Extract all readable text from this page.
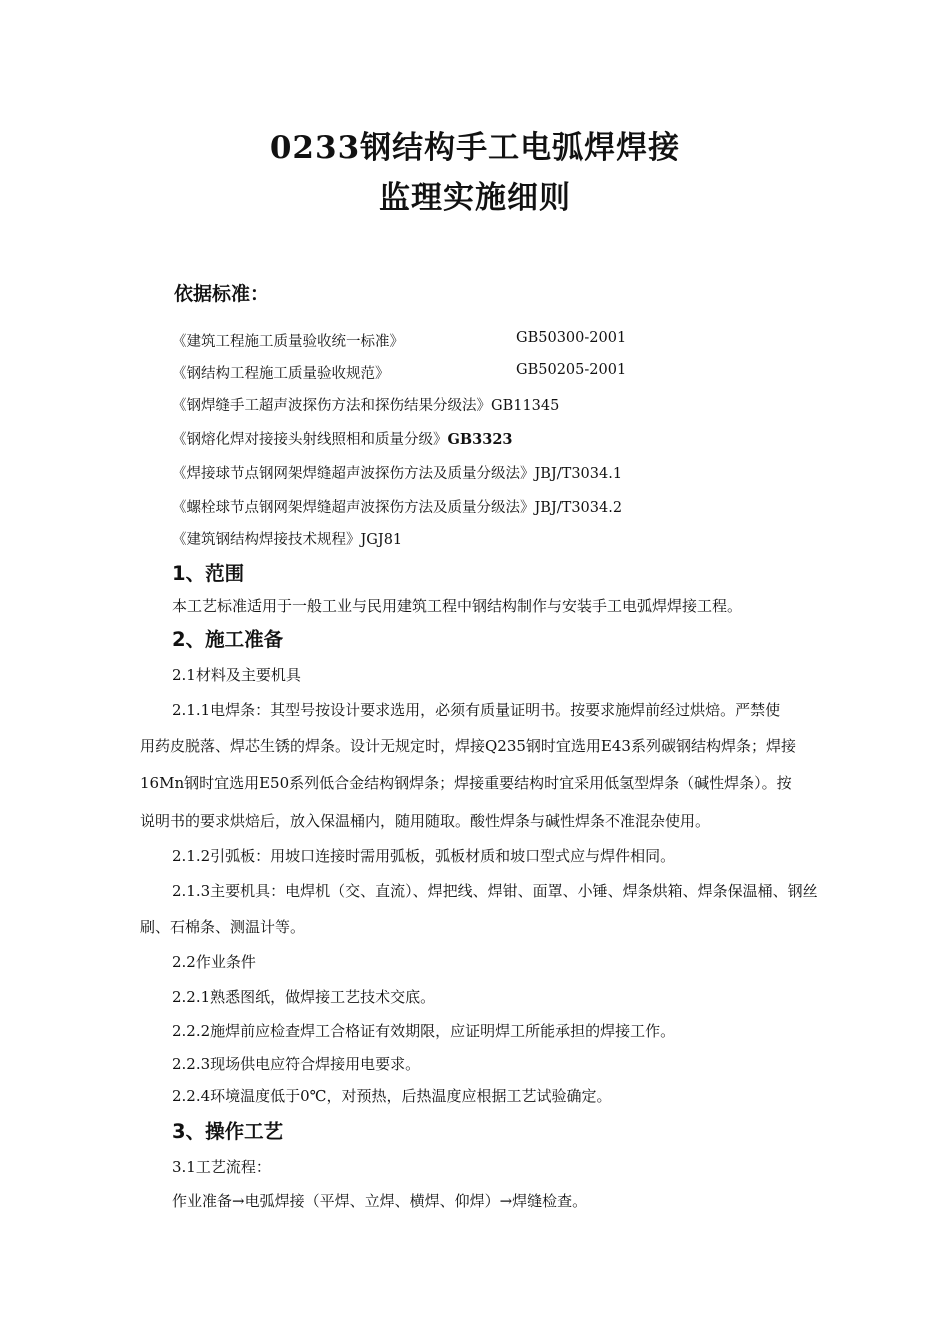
0233钢结构手工电弧焊焊接
监理实施细则
依据标准：
《建筑工程施工质量验收统一标准》	GB50300-2001
《钢结构工程施工质量验收规范》	GB50205-2001
《钢焊缝手工超声波探伤方法和探伤结果分级法》GB11345
《钢熔化焊对接接头射线照相和质量分级》GB3323
《焊接球节点钢网架焊缝超声波探伤方法及质量分级法》JBJ/T3034.1
《螺栓球节点钢网架焊缝超声波探伤方法及质量分级法》JBJ/T3034.2
《建筑钢结构焊接技术规程》JGJ81
1、范围
本工艺标准适用于一般工业与民用建筑工程中钢结构制作与安装手工电弧焊焊接工程。
2、施工准备
2.1材料及主要机具
2.1.1电焊条：其型号按设计要求选用，必须有质量证明书。按要求施焊前经过烘焙。严禁使
用药皮脱落、焊芯生锈的焊条。设计无规定时，焊接Q235钢时宜选用E43系列碳钢结构焊条；焊接
16Mn钢时宜选用E50系列低合金结构钢焊条；焊接重要结构时宜采用低氢型焊条（碱性焊条）。按
说明书的要求烘焙后，放入保温桶内，随用随取。酸性焊条与碱性焊条不准混杂使用。
2.1.2引弧板：用坡口连接时需用弧板，弧板材质和坡口型式应与焊件相同。
2.1.3主要机具：电焊机（交、直流）、焊把线、焊钳、面罩、小锤、焊条烘箱、焊条保温桶、钢丝
刷、石棉条、测温计等。
2.2作业条件
2.2.1熟悉图纸，做焊接工艺技术交底。
2.2.2施焊前应检查焊工合格证有效期限，应证明焊工所能承担的焊接工作。
2.2.3现场供电应符合焊接用电要求。
2.2.4环境温度低于0℃，对预热，后热温度应根据工艺试验确定。
3、操作工艺
3.1工艺流程：
作业准备→电弧焊接（平焊、立焊、横焊、仰焊）→焊缝检查。
